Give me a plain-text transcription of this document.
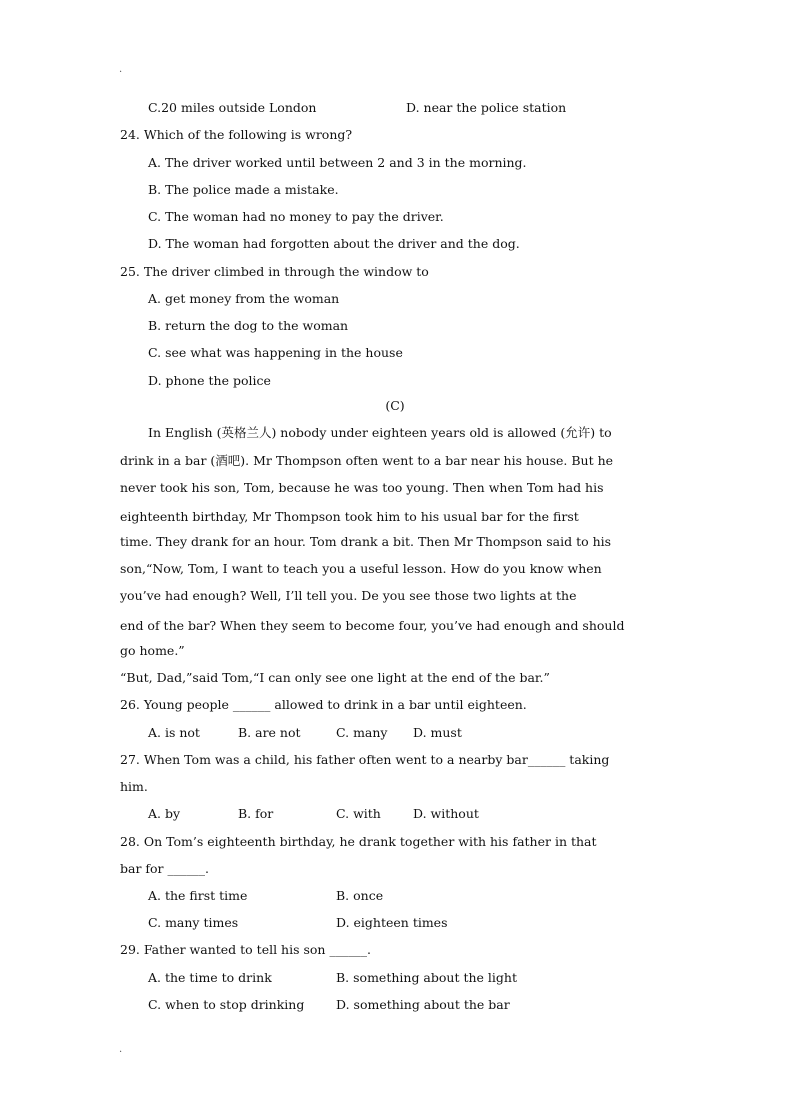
.
C.20 miles outside London	D. near the police station
24. Which of the following is wrong?
A. The driver worked until between 2 and 3 in the morning.
B. The police made a mistake.
C. The woman had no money to pay the driver.
D. The woman had forgotten about the driver and the dog.
25. The driver climbed in through the window to
A. get money from the woman
B. return the dog to the woman
C. see what was happening in the house
D. phone the police
(C)
In English (英格兰人) nobody under eighteen years old is allowed (允许) to
drink in a bar (酒吧). Mr Thompson often went to a bar near his house. But he
never took his son, Tom, because he was too young. Then when Tom had his
eighteenth birthday, Mr Thompson took him to his usual bar for the first
time. They drank for an hour. Tom drank a bit. Then Mr Thompson said to his
son,“Now, Tom, I want to teach you a useful lesson. How do you know when
you’ve had enough? Well, I’ll tell you. De you see those two lights at the
end of the bar? When they seem to become four, you’ve had enough and should
go home.”
“But, Dad,”said Tom,“I can only see one light at the end of the bar.”
26. Young people ______ allowed to drink in a bar until eighteen.
A. is not	B. are not	C. many D. must
27. When Tom was a child, his father often went to a nearby bar______ taking
him.
A. by	B. for	C. with	D. without
28. On Tom’s eighteenth birthday, he drank together with his father in that
bar for ______.
A. the first time	B. once
C. many times	D. eighteen times
29. Father wanted to tell his son ______.
A. the time to drink	B. something about the light
C. when to stop drinking	D. something about the bar
.
